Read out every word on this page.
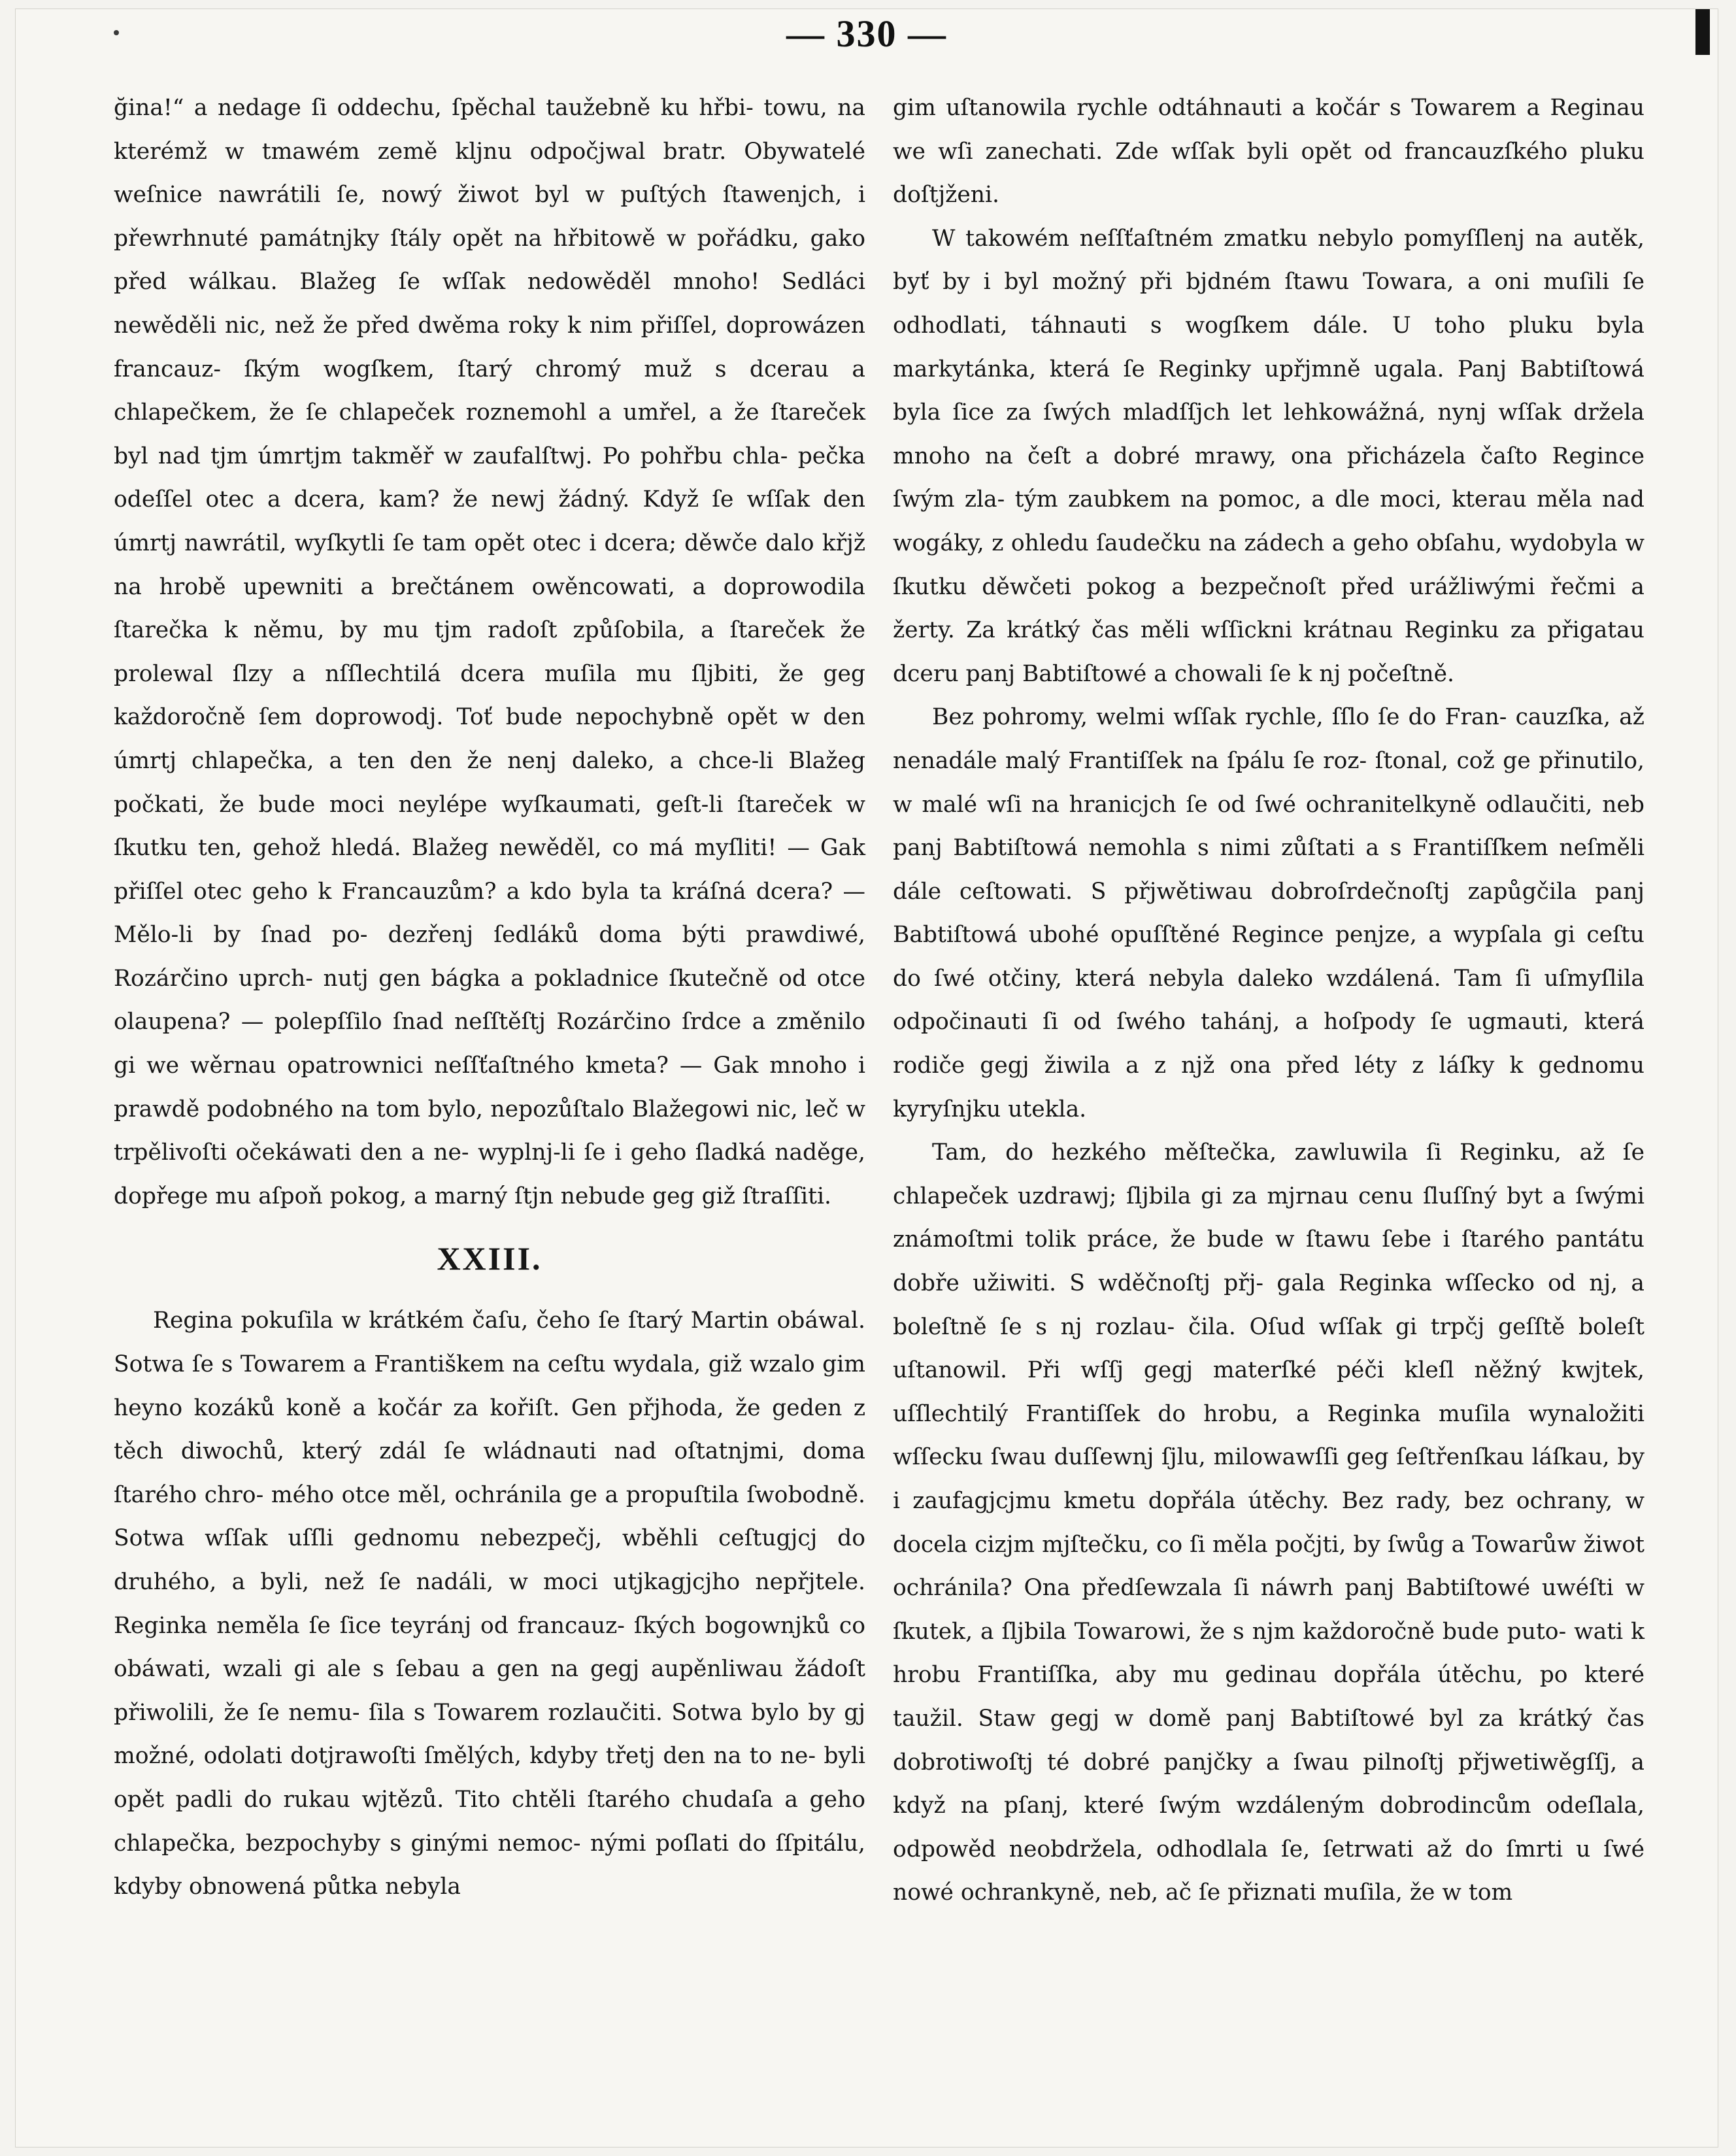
— 330 —

ğina!“ a nedage ſi oddechu, ſpěchal taužebně ku hřbi- towu, na kterémž w tmawém země kljnu odpočjwal bratr. Obywatelé weſnice nawrátili ſe, nowý žiwot byl w puſtých ſtawenjch, i přewrhnuté památnjky ſtály opět na hřbitowě w pořádku, gako před wálkau. Blažeg ſe wſſak nedowěděl mnoho! Sedláci newěděli nic, než že před dwěma roky k nim přiſſel, doprowázen francauz- ſkým wogſkem, ſtarý chromý muž s dcerau a chlapečkem, že ſe chlapeček roznemohl a umřel, a že ſtareček byl nad tjm úmrtjm takměř w zaufalſtwj. Po pohřbu chla- pečka odeſſel otec a dcera, kam? že newj žádný. Když ſe wſſak den úmrtj nawrátil, wyſkytli ſe tam opět otec i dcera; děwče dalo křjž na hrobě upewniti a brečtánem owěncowati, a doprowodila ſtarečka k němu, by mu tjm radoſt způſobila, a ſtareček že prolewal ſlzy a nſſlechtilá dcera muſila mu ſljbiti, že geg každoročně ſem doprowodj. Toť bude nepochybně opět w den úmrtj chlapečka, a ten den že nenj daleko, a chce-li Blažeg počkati, že bude moci neylépe wyſkaumati, geſt-li ſtareček w ſkutku ten, gehož hledá. Blažeg newěděl, co má myſliti! — Gak přiſſel otec geho k Francauzům? a kdo byla ta kráſná dcera? — Mělo-li by ſnad po- dezřenj ſedláků doma býti prawdiwé, Rozárčino uprch- nutj gen bágka a pokladnice ſkutečně od otce olaupena? — polepſſilo ſnad neſſtěſtj Rozárčino ſrdce a změnilo gi we wěrnau opatrownici neſſťaſtného kmeta? — Gak mnoho i prawdě podobného na tom bylo, nepozůſtalo Blažegowi nic, leč w trpělivoſti očekáwati den a ne- wyplnj-li ſe i geho ſladká naděge, dopřege mu aſpoň pokog, a marný ſtjn nebude geg giž ſtraſſiti.

XXIII.

Regina pokuſila w krátkém čaſu, čeho ſe ſtarý Martin obáwal. Sotwa ſe s Towarem a Františkem na ceſtu wydala, giž wzalo gim heyno kozáků koně a kočár za kořiſt. Gen přjhoda, že geden z těch diwochů, který zdál ſe wládnauti nad oſtatnjmi, doma ſtarého chro- mého otce měl, ochránila ge a propuſtila ſwobodně. Sotwa wſſak uſſli gednomu nebezpečj, wběhli ceſtugjcj do druhého, a byli, než ſe nadáli, w moci utjkagjcjho nepřjtele. Reginka neměla ſe ſice teyránj od francauz- ſkých bogownjků co obáwati, wzali gi ale s ſebau a gen na gegj aupěnliwau žádoſt přiwolili, že ſe nemu- ſila s Towarem rozlaučiti. Sotwa bylo by gj možné, odolati dotjrawoſti ſmělých, kdyby třetj den na to ne- byli opět padli do rukau wjtězů. Tito chtěli ſtarého chudaſa a geho chlapečka, bezpochyby s ginými nemoc- nými poſlati do ſſpitálu, kdyby obnowená půtka nebyla

gim uſtanowila rychle odtáhnauti a kočár s Towarem a Reginau we wſi zanechati. Zde wſſak byli opět od francauzſkého pluku doſtjženi.

W takowém neſſťaſtném zmatku nebylo pomyſſlenj na autěk, byť by i byl možný při bjdném ſtawu Towara, a oni muſili ſe odhodlati, táhnauti s wogſkem dále. U toho pluku byla markytánka, která ſe Reginky upřjmně ugala. Panj Babtiſtowá byla ſice za ſwých mladſſjch let lehkowážná, nynj wſſak držela mnoho na čeſt a dobré mrawy, ona přicházela čaſto Regince ſwým zla- tým zaubkem na pomoc, a dle moci, kterau měla nad wogáky, z ohledu ſaudečku na zádech a geho obſahu, wydobyla w ſkutku děwčeti pokog a bezpečnoſt před urážliwými řečmi a žerty. Za krátký čas měli wſſickni krátnau Reginku za přigatau dceru panj Babtiſtowé a chowali ſe k nj počeſtně.

Bez pohromy, welmi wſſak rychle, ſſlo ſe do Fran- cauzſka, až nenadále malý Frantiſſek na ſpálu ſe roz- ſtonal, což ge přinutilo, w malé wſi na hranicjch ſe od ſwé ochranitelkyně odlaučiti, neb panj Babtiſtowá nemohla s nimi zůſtati a s Frantiſſkem neſměli dále ceſtowati. S přjwětiwau dobroſrdečnoſtj zapůgčila panj Babtiſtowá ubohé opuſſtěné Regince penjze, a wypſala gi ceſtu do ſwé otčiny, která nebyla daleko wzdálená. Tam ſi uſmyſlila odpočinauti ſi od ſwého tahánj, a hoſpody ſe ugmauti, která rodiče gegj žiwila a z njž ona před léty z láſky k gednomu kyryſnjku utekla.

Tam, do hezkého měſtečka, zawluwila ſi Reginku, až ſe chlapeček uzdrawj; ſljbila gi za mjrnau cenu ſluſſný byt a ſwými známoſtmi tolik práce, že bude w ſtawu ſebe i ſtarého pantátu dobře užiwiti. S wděčnoſtj přj- gala Reginka wſſecko od nj, a boleſtně ſe s nj rozlau- čila. Oſud wſſak gi trpčj geſſtě boleſt uſtanowil. Při wſſj gegj materſké péči kleſl něžný kwjtek, uſſlechtilý Frantiſſek do hrobu, a Reginka muſila wynaložiti wſſecku ſwau duſſewnj ſjlu, milowawſſi geg ſeſtřenſkau láſkau, by i zaufagjcjmu kmetu dopřála útěchy. Bez rady, bez ochrany, w docela cizjm mjſtečku, co ſi měla počjti, by ſwůg a Towarůw žiwot ochránila? Ona předſewzala ſi náwrh panj Babtiſtowé uwéſti w ſkutek, a ſljbila Towarowi, že s njm každoročně bude puto- wati k hrobu Frantiſſka, aby mu gedinau dopřála útěchu, po které taužil. Staw gegj w domě panj Babtiſtowé byl za krátký čas dobrotiwoſtj té dobré panjčky a ſwau pilnoſtj přjwetiwěgſſj, a když na pſanj, které ſwým wzdáleným dobrodincům odeſlala, odpowěd neobdržela, odhodlala ſe, ſetrwati až do ſmrti u ſwé nowé ochrankyně, neb, ač ſe přiznati muſila, že w tom
